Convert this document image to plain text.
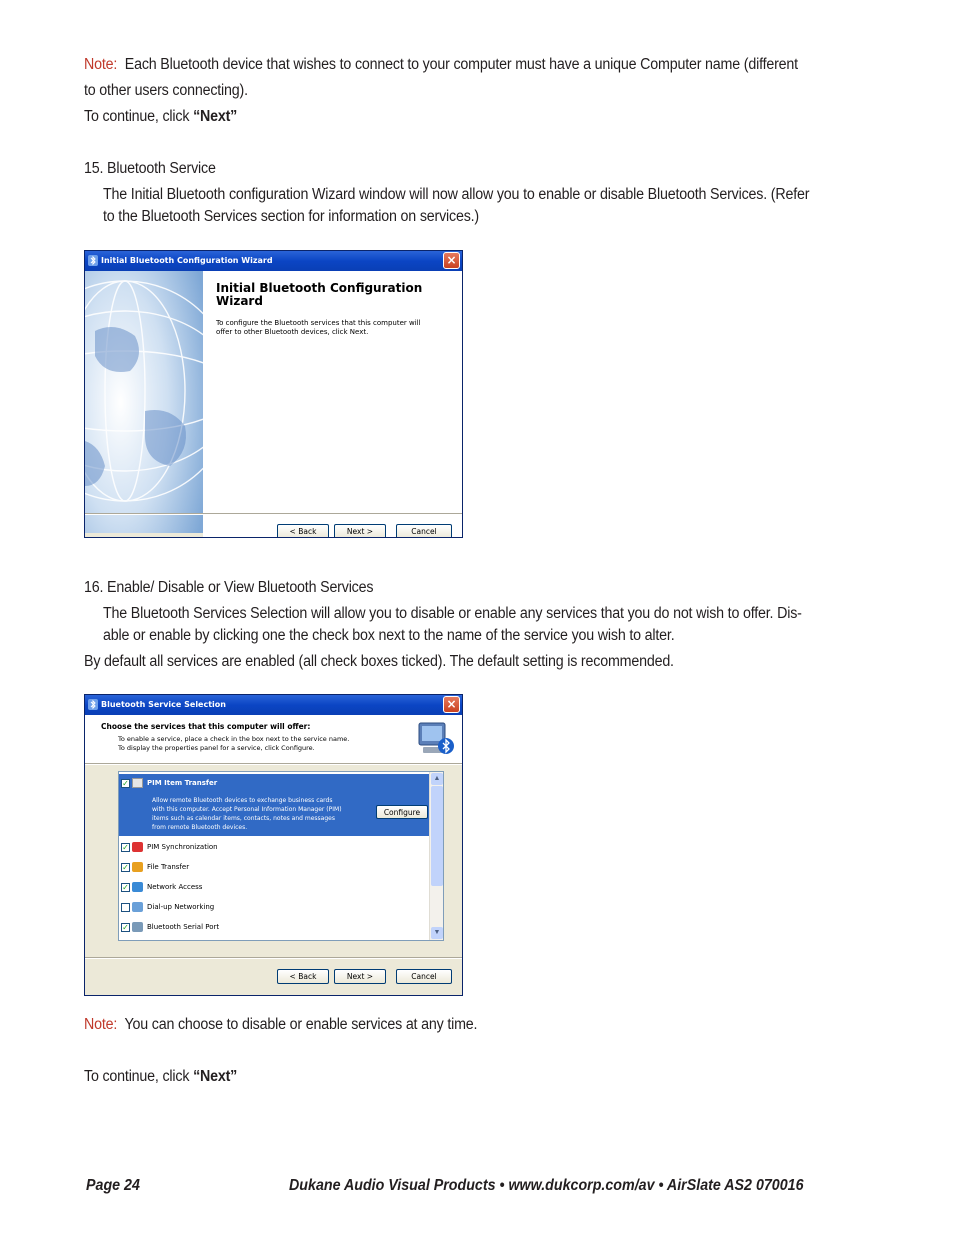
Note: Each Bluetooth device that wishes to connect to your computer must have a unique Computer name (different
to other users connecting).
To continue, click “Next”
15. Bluetooth Service
The Initial Bluetooth configuration Wizard window will now allow you to enable or disable Bluetooth Services. (Refer
to the Bluetooth Services section for information on services.)
Initial Bluetooth Configuration Wizard	×
Initial Bluetooth Configuration
Wizard
To configure the Bluetooth services that this computer will
offer to other Bluetooth devices, click Next.
< Back	Next >	Cancel
16. Enable/ Disable or View Bluetooth Services
The Bluetooth Services Selection will allow you to disable or enable any services that you do not wish to offer. Dis-
able or enable by clicking one the check box next to the name of the service you wish to alter.
By default all services are enabled (all check boxes ticked). The default setting is recommended.
Bluetooth Service Selection	×
Choose the services that this computer will offer:
To enable a service, place a check in the box next to the service name.
To display the properties panel for a service, click Configure.
✓	PIM Item Transfer
Allow remote Bluetooth devices to exchange business cards with this computer. Accept Personal Information Manager (PIM) items such as calendar items, contacts, notes and messages from remote Bluetooth devices.
Configure
✓	PIM Synchronization
✓	File Transfer
✓	Network Access
Dial-up Networking
✓	Bluetooth Serial Port
▲
▼
< Back	Next >	Cancel
Note: You can choose to disable or enable services at any time.
To continue, click “Next”
Page 24	Dukane Audio Visual Products • www.dukcorp.com/av • AirSlate AS2 070016
